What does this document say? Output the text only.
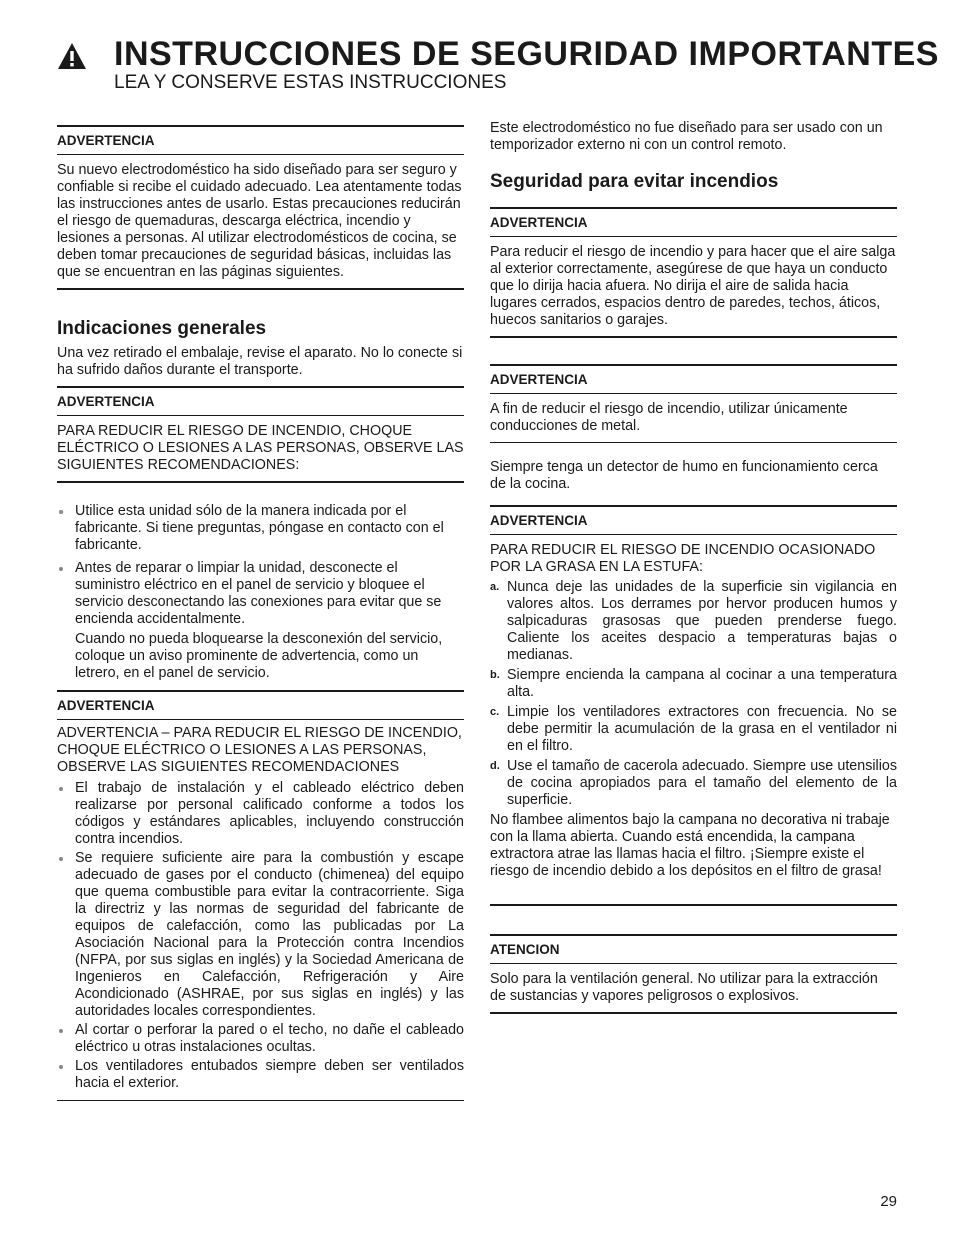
INSTRUCCIONES DE SEGURIDAD IMPORTANTES
LEA Y CONSERVE ESTAS INSTRUCCIONES
ADVERTENCIA
Su nuevo electrodoméstico ha sido diseñado para ser seguro y confiable si recibe el cuidado adecuado. Lea atentamente todas las instrucciones antes de usarlo. Estas precauciones reducirán el riesgo de quemaduras, descarga eléctrica, incendio y lesiones a personas. Al utilizar electrodomésticos de cocina, se deben tomar precauciones de seguridad básicas, incluidas las que se encuentran en las páginas siguientes.

Indicaciones generales

Una vez retirado el embalaje, revise el aparato. No lo conecte si ha sufrido daños durante el transporte.

ADVERTENCIA
PARA REDUCIR EL RIESGO DE INCENDIO, CHOQUE ELÉCTRICO O LESIONES A LAS PERSONAS, OBSERVE LAS SIGUIENTES RECOMENDACIONES:
Utilice esta unidad sólo de la manera indicada por el fabricante. Si tiene preguntas, póngase en contacto con el fabricante.
Antes de reparar o limpiar la unidad, desconecte el suministro eléctrico en el panel de servicio y bloquee el servicio desconectando las conexiones para evitar que se encienda accidentalmente.

Cuando no pueda bloquearse la desconexión del servicio, coloque un aviso prominente de advertencia, como un letrero, en el panel de servicio.

ADVERTENCIA

ADVERTENCIA – PARA REDUCIR EL RIESGO DE INCENDIO, CHOQUE ELÉCTRICO O LESIONES A LAS PERSONAS, OBSERVE LAS SIGUIENTES RECOMENDACIONES

El trabajo de instalación y el cableado eléctrico deben realizarse por personal calificado conforme a todos los códigos y estándares aplicables, incluyendo construcción contra incendios.
Se requiere suficiente aire para la combustión y escape adecuado de gases por el conducto (chimenea) del equipo que quema combustible para evitar la contracorriente. Siga la directriz y las normas de seguridad del fabricante de equipos de calefacción, como las publicadas por La Asociación Nacional para la Protección contra Incendios (NFPA, por sus siglas en inglés) y la Sociedad Americana de Ingenieros en Calefacción, Refrigeración y Aire Acondicionado (ASHRAE, por sus siglas en inglés) y las autoridades locales correspondientes.
Al cortar o perforar la pared o el techo, no dañe el cableado eléctrico u otras instalaciones ocultas.
Los ventiladores entubados siempre deben ser ventilados hacia el exterior.

Este electrodoméstico no fue diseñado para ser usado con un temporizador externo ni con un control remoto.

Seguridad para evitar incendios

ADVERTENCIA
Para reducir el riesgo de incendio y para hacer que el aire salga al exterior correctamente, asegúrese de que haya un conducto que lo dirija hacia afuera. No dirija el aire de salida hacia lugares cerrados, espacios dentro de paredes, techos, áticos, huecos sanitarios o garajes.
ADVERTENCIA
A fin de reducir el riesgo de incendio, utilizar únicamente conducciones de metal.

Siempre tenga un detector de humo en funcionamiento cerca de la cocina.

ADVERTENCIA

PARA REDUCIR EL RIESGO DE INCENDIO OCASIONADO POR LA GRASA EN LA ESTUFA:

a. Nunca deje las unidades de la superficie sin vigilancia en valores altos. Los derrames por hervor producen humos y salpicaduras grasosas que pueden prenderse fuego. Caliente los aceites despacio a temperaturas bajas o medianas.
b. Siempre encienda la campana al cocinar a una temperatura alta.
c. Limpie los ventiladores extractores con frecuencia. No se debe permitir la acumulación de la grasa en el ventilador ni en el filtro.
d. Use el tamaño de cacerola adecuado. Siempre use utensilios de cocina apropiados para el tamaño del elemento de la superficie.

No flambee alimentos bajo la campana no decorativa ni trabaje con la llama abierta. Cuando está encendida, la campana extractora atrae las llamas hacia el filtro. ¡Siempre existe el riesgo de incendio debido a los depósitos en el filtro de grasa!

ATENCION
Solo para la ventilación general. No utilizar para la extracción de sustancias y vapores peligrosos o explosivos.
29
